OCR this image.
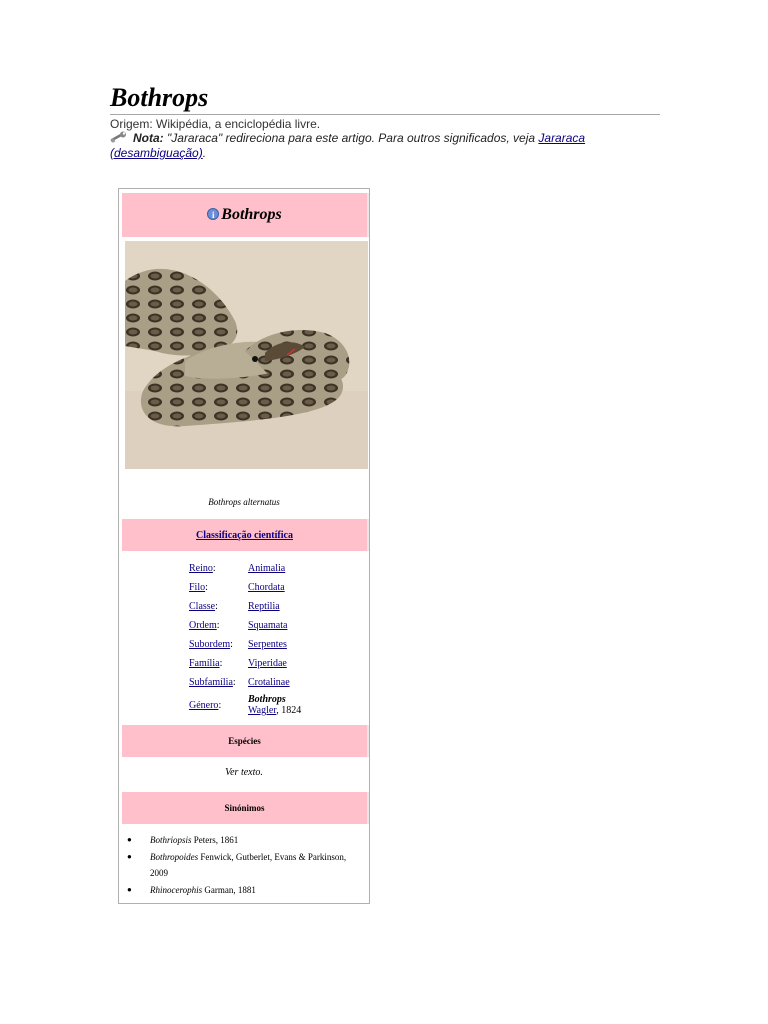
Bothrops
Origem: Wikipédia, a enciclopédia livre.
Nota: "Jararaca" redireciona para este artigo. Para outros significados, veja Jararaca (desambiguação).
i Bothrops
Bothrops alternatus
Classificação científica
Reino:	Animalia
Filo:	Chordata
Classe:	Reptilia
Ordem:	Squamata
Subordem:	Serpentes
Família:	Viperidae
Subfamília:	Crotalinae
Género:	Bothrops
Wagler, 1824
Espécies
Ver texto.
Sinónimos
●	Bothriopsis Peters, 1861
●	Bothropoides Fenwick, Gutberlet, Evans & Parkinson, 2009
●	Rhinocerophis Garman, 1881
